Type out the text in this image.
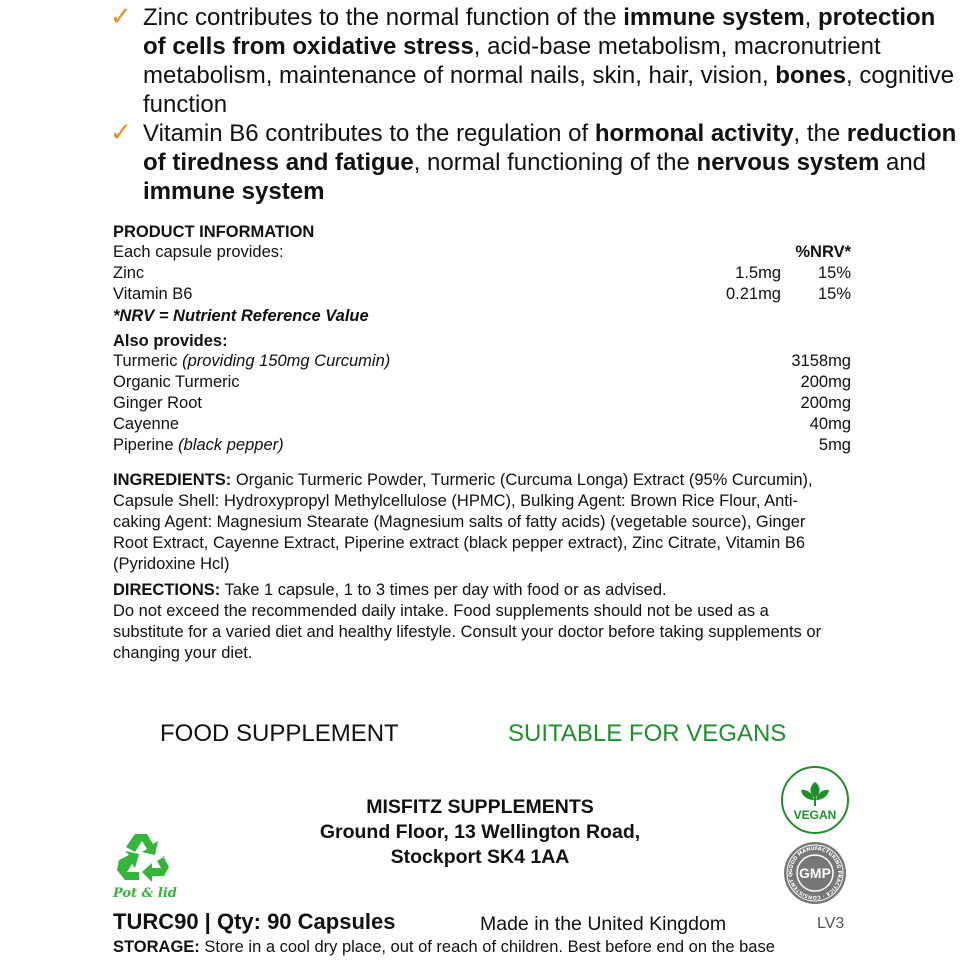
✓ Zinc contributes to the normal function of the immune system, protection of cells from oxidative stress, acid-base metabolism, macronutrient metabolism, maintenance of normal nails, skin, hair, vision, bones, cognitive function
✓ Vitamin B6 contributes to the regulation of hormonal activity, the reduction of tiredness and fatigue, normal functioning of the nervous system and immune system
PRODUCT INFORMATION
Each capsule provides:	%NRV*
Zinc	1.5mg 15%
Vitamin B6	0.21mg 15%
*NRV = Nutrient Reference Value
Also provides:
Turmeric (providing 150mg Curcumin)	3158mg
Organic Turmeric	200mg
Ginger Root	200mg
Cayenne	40mg
Piperine (black pepper)	5mg
INGREDIENTS: Organic Turmeric Powder, Turmeric (Curcuma Longa) Extract (95% Curcumin), Capsule Shell: Hydroxypropyl Methylcellulose (HPMC), Bulking Agent: Brown Rice Flour, Anti-caking Agent: Magnesium Stearate (Magnesium salts of fatty acids) (vegetable source), Ginger Root Extract, Cayenne Extract, Piperine extract (black pepper extract), Zinc Citrate, Vitamin B6 (Pyridoxine Hcl)
DIRECTIONS: Take 1 capsule, 1 to 3 times per day with food or as advised.
Do not exceed the recommended daily intake. Food supplements should not be used as a substitute for a varied diet and healthy lifestyle. Consult your doctor before taking supplements or changing your diet.
FOOD SUPPLEMENT	SUITABLE FOR VEGANS
VEGAN
MISFITZ SUPPLEMENTS
Ground Floor, 13 Wellington Road,
Stockport SK4 1AA
GOOD MANUFACTURING PRACTICE · CONSISTENT Q GMP
Pot & lid
TURC90 | Qty: 90 Capsules	Made in the United Kingdom	LV3
STORAGE: Store in a cool dry place, out of reach of children. Best before end on the base
